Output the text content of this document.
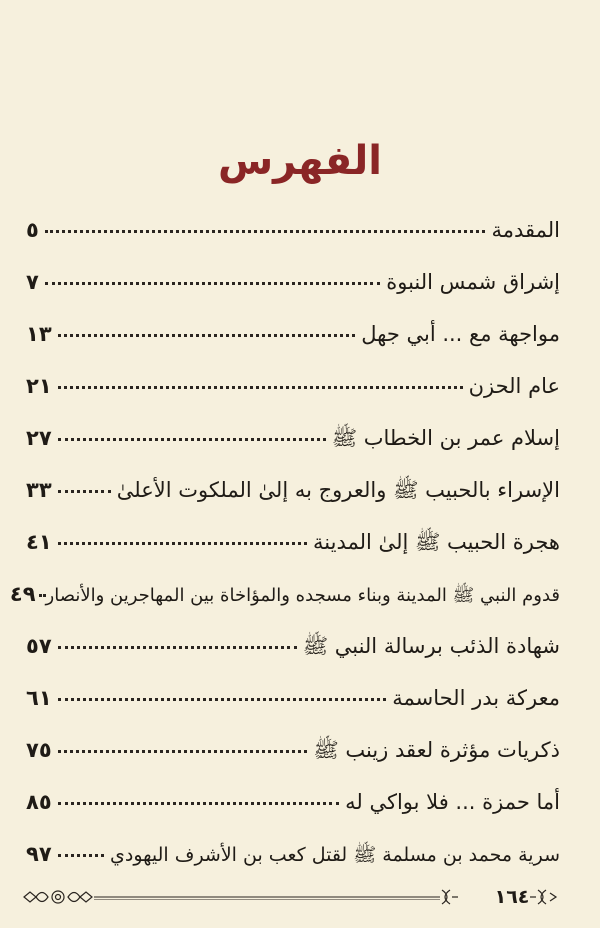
الفهرس
المقدمة
٥
إشراق شمس النبوة
٧
مواجهة مع ... أبي جهل
١٣
عام الحزن
٢١
إسلام عمر بن الخطاب ﷺ
٢٧
الإسراء بالحبيب ﷺ والعروج به إلىٰ الملكوت الأعلىٰ
٣٣
هجرة الحبيب ﷺ إلىٰ المدينة
٤١
قدوم النبي ﷺ المدينة وبناء مسجده والمؤاخاة بين المهاجرين والأنصار
٤٩
شهادة الذئب برسالة النبي ﷺ
٥٧
معركة بدر الحاسمة
٦١
ذكريات مؤثرة لعقد زينب ﷺ
٧٥
أما حمزة ... فلا بواكي له
٨٥
سرية محمد بن مسلمة ﷺ لقتل كعب بن الأشرف اليهودي
٩٧
١٦٤
